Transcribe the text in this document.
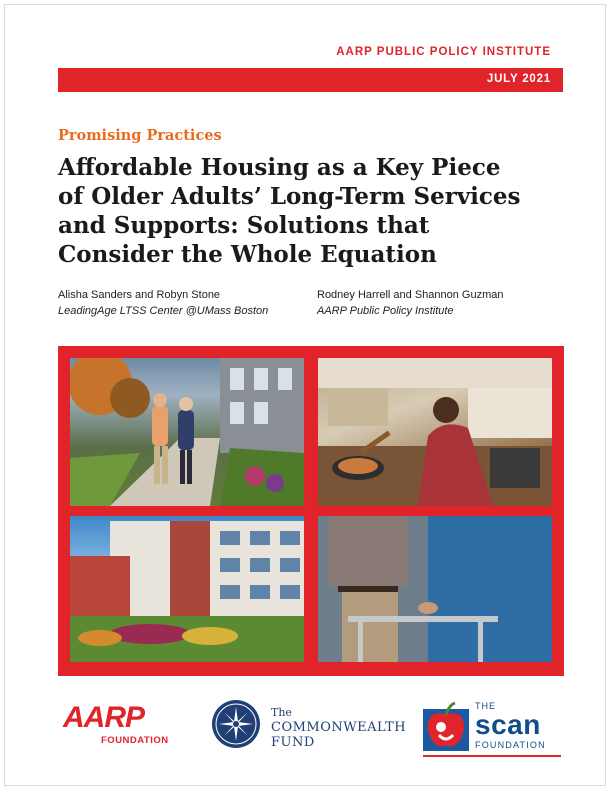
AARP PUBLIC POLICY INSTITUTE
JULY 2021
Promising Practices
Affordable Housing as a Key Piece
of Older Adults’ Long-Term Services
and Supports: Solutions that
Consider the Whole Equation
Alisha Sanders and Robyn Stone
LeadingAge LTSS Center @UMass Boston
Rodney Harrell and Shannon Guzman
AARP Public Policy Institute
AARP
FOUNDATION
The
COMMONWEALTH
FUND
THE
scan
FOUNDATION
